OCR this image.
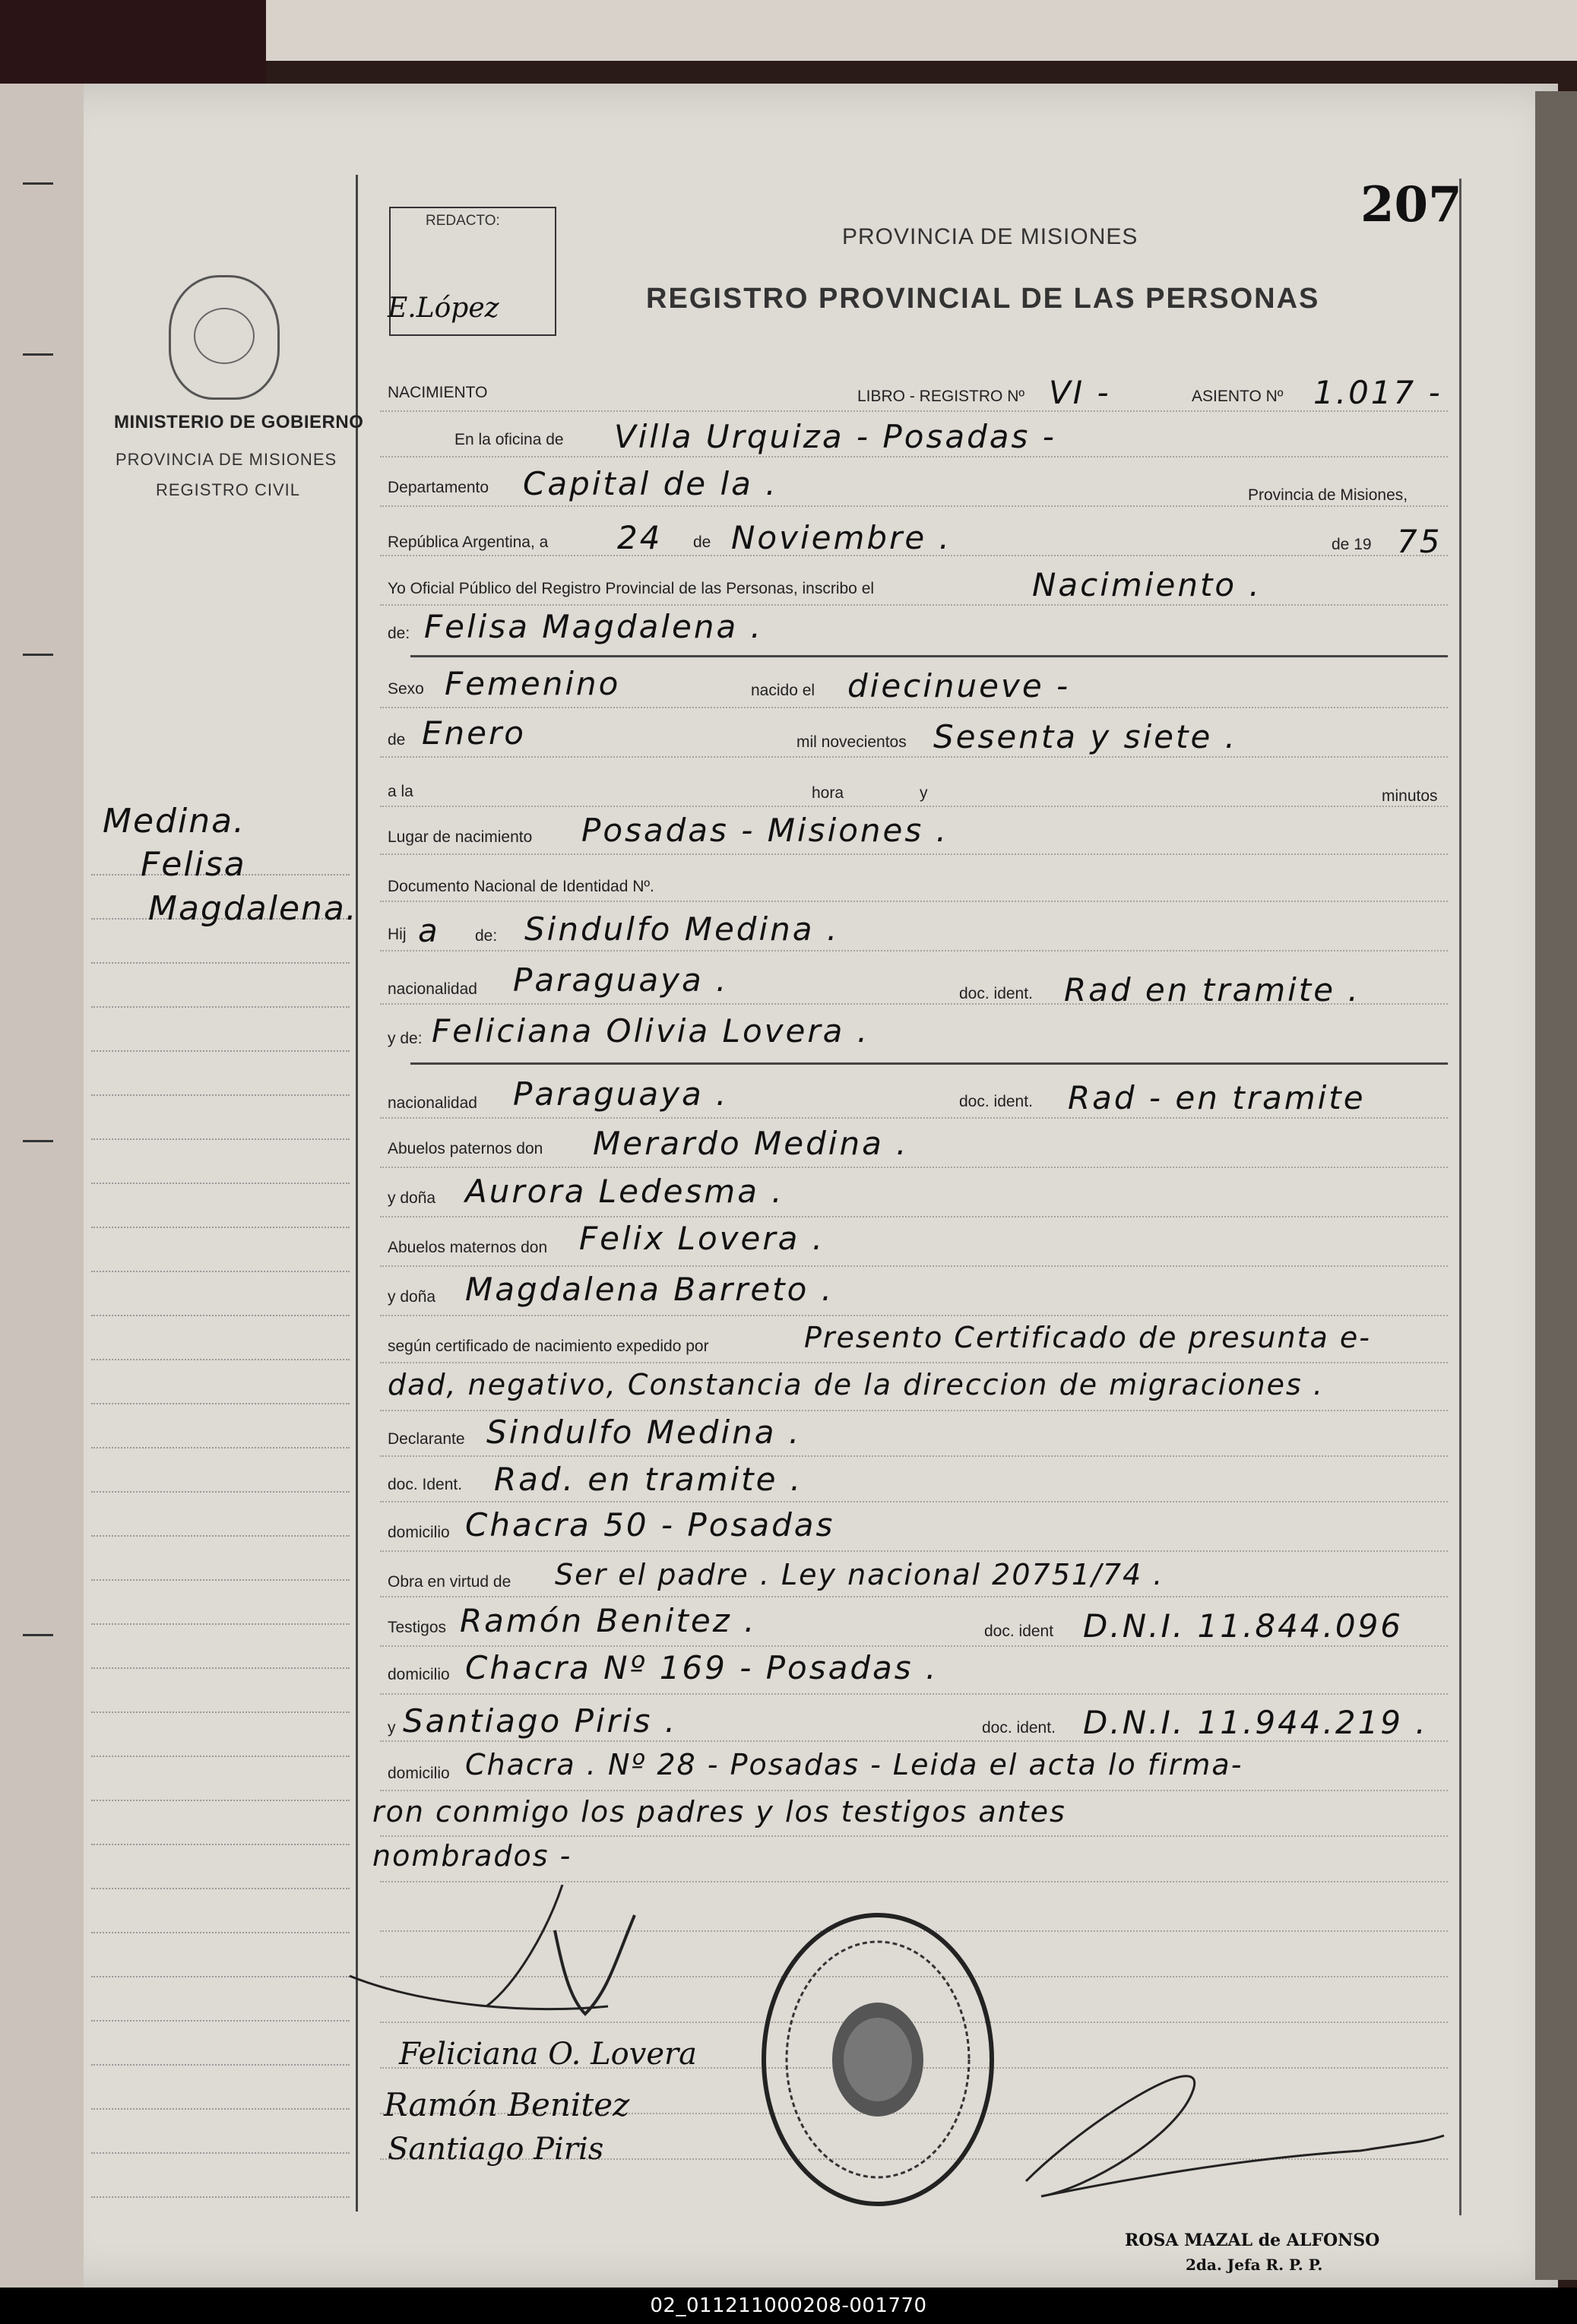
REDACTO:
E.López
207
PROVINCIA DE MISIONES
REGISTRO PROVINCIAL DE LAS PERSONAS
MINISTERIO DE GOBIERNO
PROVINCIA DE MISIONES
REGISTRO CIVIL
Medina.
Felisa
Magdalena.
NACIMIENTO	LIBRO - REGISTRO Nº VI -	ASIENTO Nº 1.017 -
En la oficina de Villa Urquiza - Posadas -
Departamento Capital de la .	Provincia de Misiones,
República Argentina, a 24 de Noviembre .	de 19 75
Yo Oficial Público del Registro Provincial de las Personas, inscribo el	Nacimiento .
de: Felisa Magdalena .
Sexo Femenino	nacido el diecinueve -
de Enero	mil novecientos Sesenta y siete .
a la	hora	y	minutos
Lugar de nacimiento Posadas - Misiones .
Documento Nacional de Identidad Nº.
Hij a de: Sindulfo Medina .
nacionalidad Paraguaya .	doc. ident. Rad en tramite .
y de: Feliciana Olivia Lovera .
nacionalidad Paraguaya .	doc. ident. Rad - en tramite
Abuelos paternos don Merardo Medina .
y doña Aurora Ledesma .
Abuelos maternos don Felix Lovera .
y doña Magdalena Barreto .
según certificado de nacimiento expedido por	Presento Certificado de presunta e-
dad, negativo, Constancia de la direccion de migraciones .
Declarante Sindulfo Medina .
doc. Ident. Rad. en tramite .
domicilio Chacra 50 - Posadas
Obra en virtud de Ser el padre . Ley nacional 20751/74 .
Testigos Ramón Benitez .	doc. ident D.N.I. 11.844.096
domicilio Chacra Nº 169 - Posadas .
y Santiago Piris .	doc. ident. D.N.I. 11.944.219 .
domicilio Chacra . Nº 28 - Posadas - Leida el acta lo firma-
ron conmigo los padres y los testigos antes
nombrados -
Feliciana O. Lovera
Ramón Benitez
Santiago Piris
ROSA MAZAL de ALFONSO
2da. Jefa R. P. P.
02_011211000208-001770
